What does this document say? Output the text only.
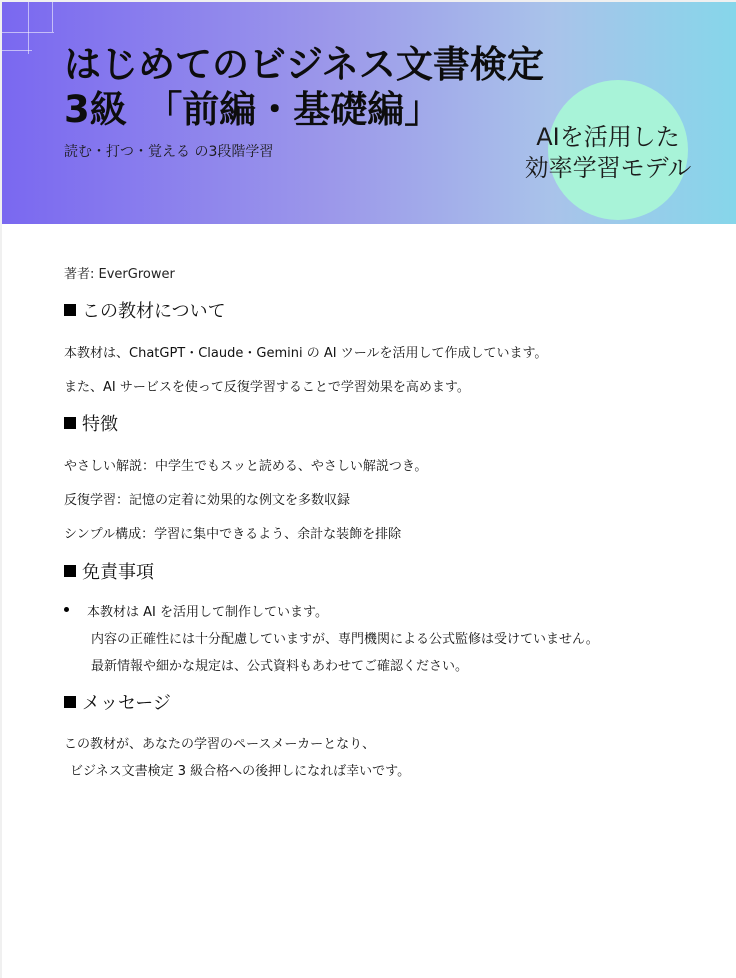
はじめてのビジネス文書検定
3級　「前編・基礎編」
読む・打つ・覚える の3段階学習
AIを活用した
効率学習モデル
著者: EverGrower
この教材について
本教材は、ChatGPT・Claude・Gemini の AI ツールを活用して作成しています。
また、AI サービスを使って反復学習することで学習効果を高めます。
特徴
やさしい解説：中学生でもスッと読める、やさしい解説つき。
反復学習：記憶の定着に効果的な例文を多数収録
シンプル構成：学習に集中できるよう、余計な装飾を排除
免責事項
本教材は AI を活用して制作しています。
内容の正確性には十分配慮していますが、専門機関による公式監修は受けていません。
最新情報や細かな規定は、公式資料もあわせてご確認ください。
メッセージ
この教材が、あなたの学習のペースメーカーとなり、
ビジネス文書検定 3 級合格への後押しになれば幸いです。
